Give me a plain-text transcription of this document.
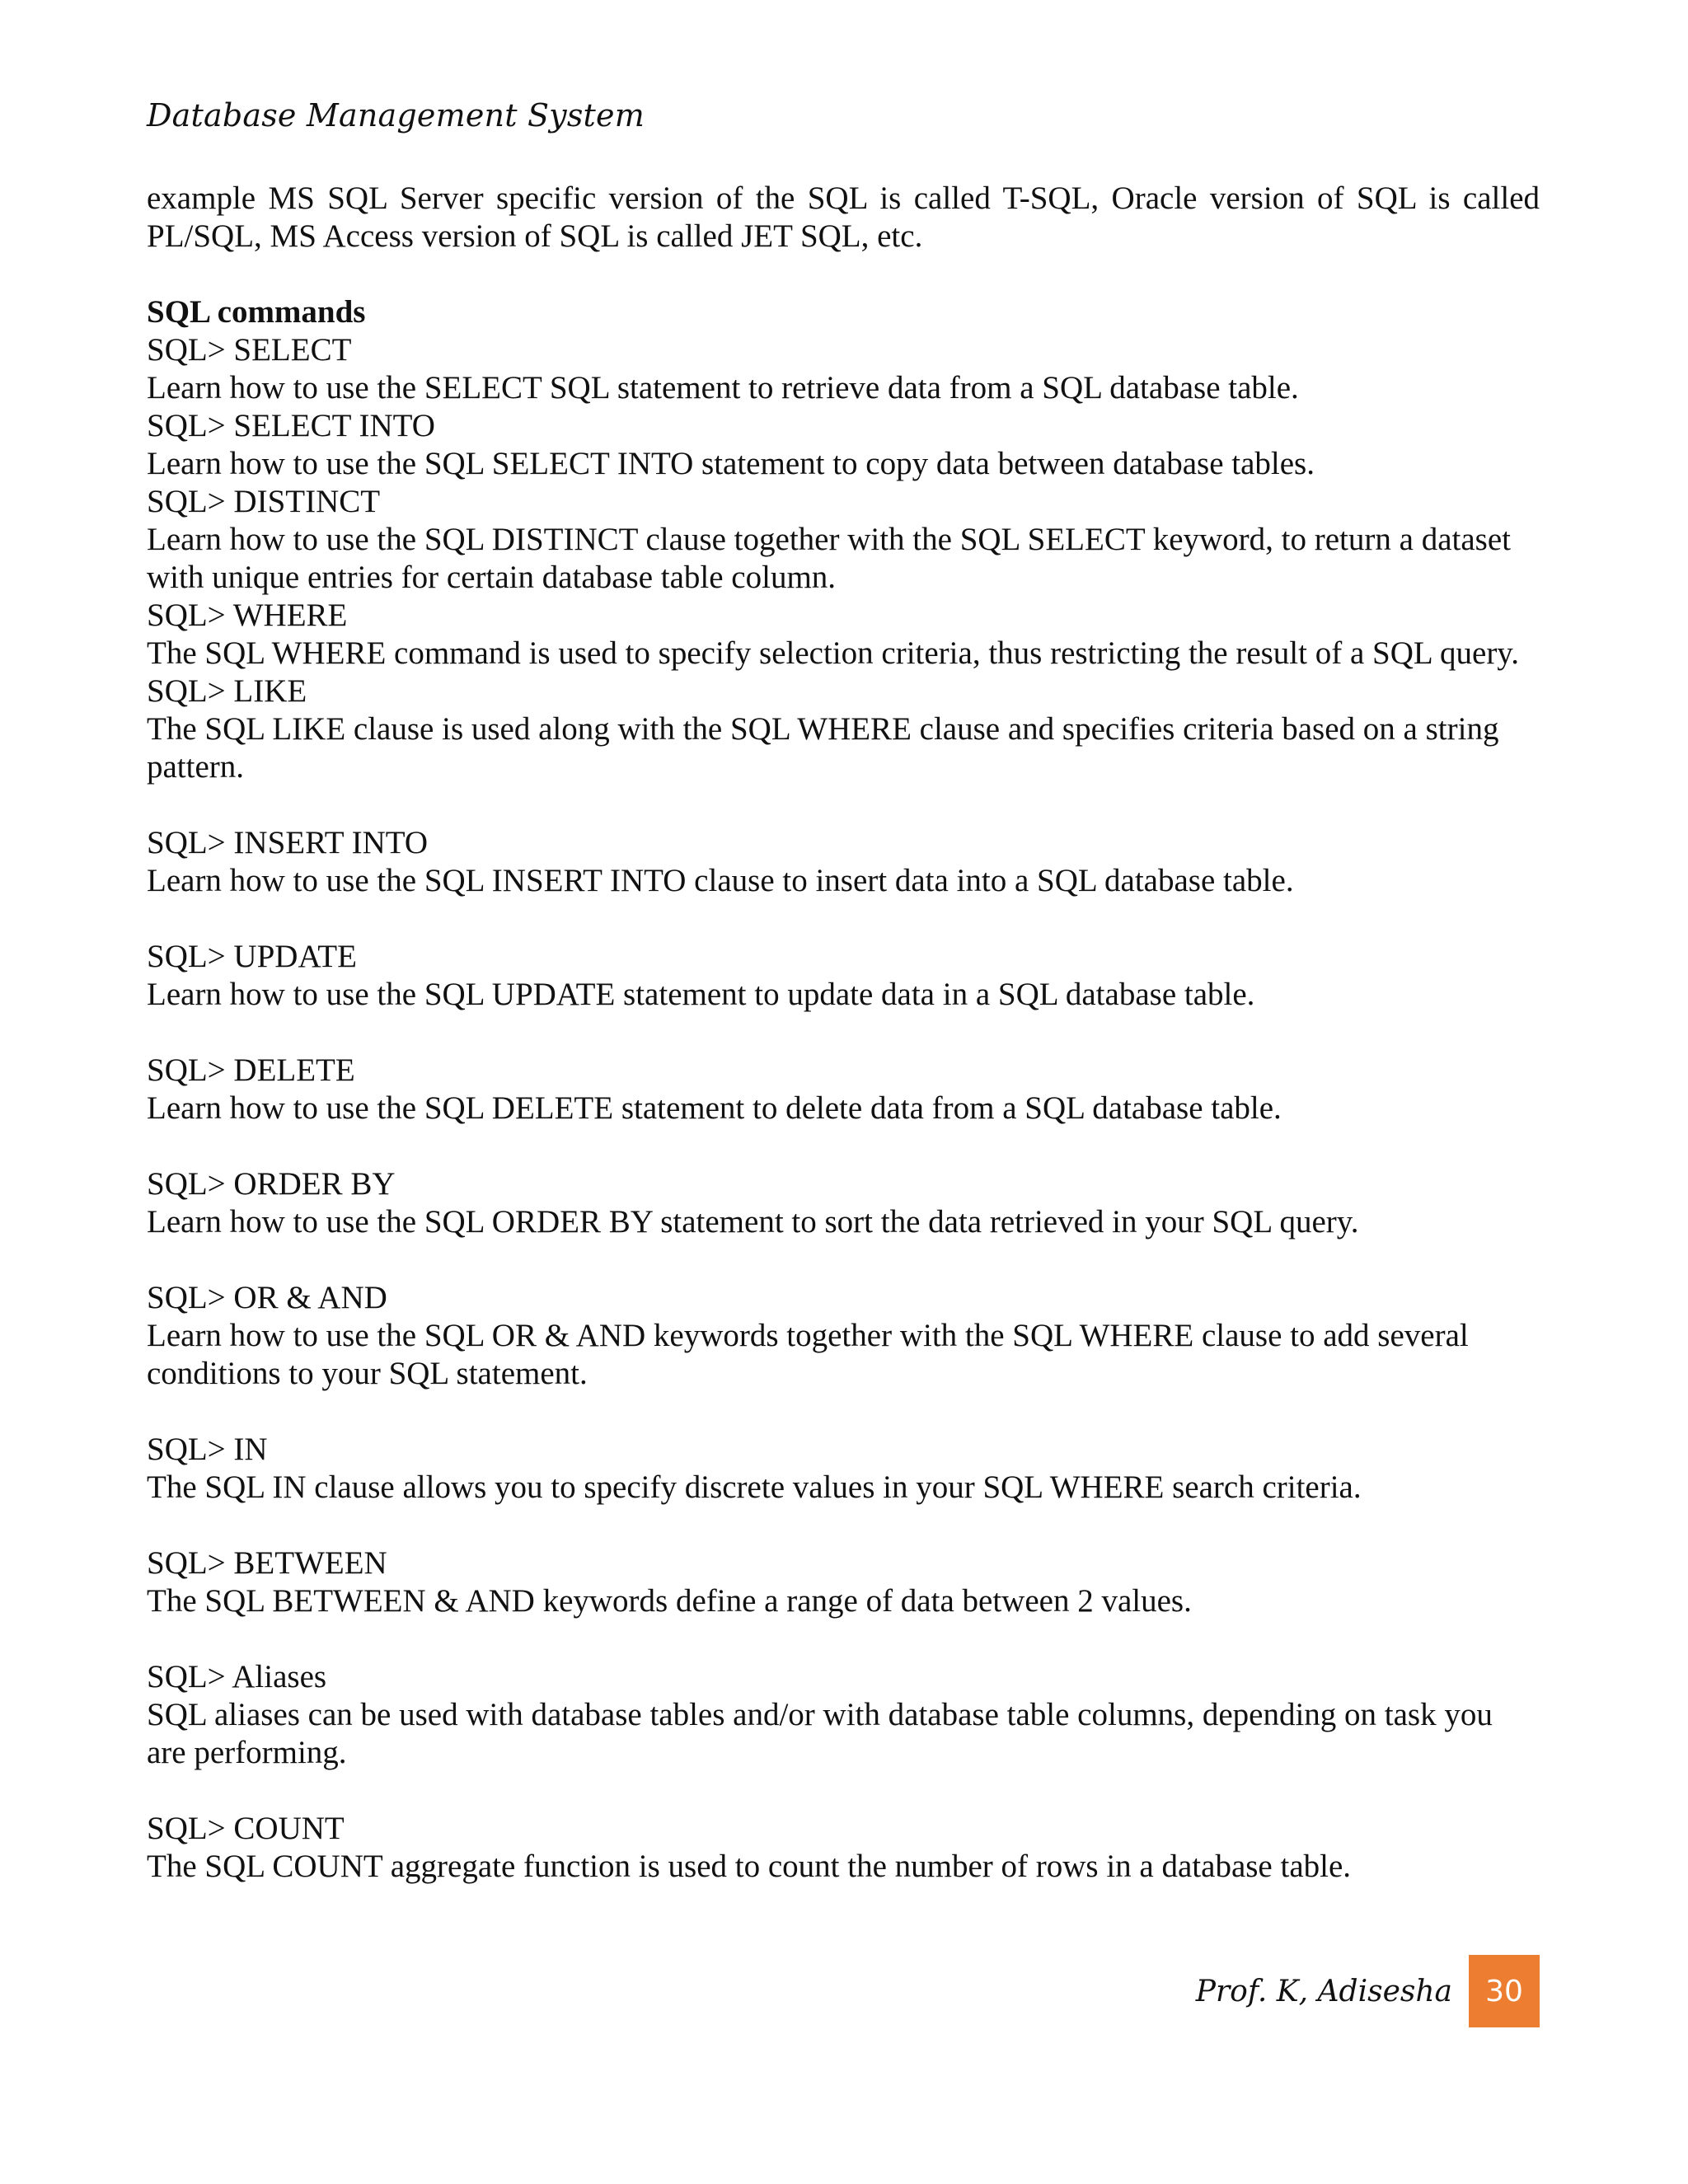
Database Management System

example MS SQL Server specific version of the SQL is called T-SQL, Oracle version of SQL is called PL/SQL, MS Access version of SQL is called JET SQL, etc.

SQL commands

SQL> SELECT

Learn how to use the SELECT SQL statement to retrieve data from a SQL database table.

SQL> SELECT INTO

Learn how to use the SQL SELECT INTO statement to copy data between database tables.

SQL> DISTINCT

Learn how to use the SQL DISTINCT clause together with the SQL SELECT keyword, to return a dataset with unique entries for certain database table column.

SQL> WHERE

The SQL WHERE command is used to specify selection criteria, thus restricting the result of a SQL query.

SQL> LIKE

The SQL LIKE clause is used along with the SQL WHERE clause and specifies criteria based on a string pattern.

SQL> INSERT INTO

Learn how to use the SQL INSERT INTO clause to insert data into a SQL database table.

SQL> UPDATE

Learn how to use the SQL UPDATE statement to update data in a SQL database table.

SQL> DELETE

Learn how to use the SQL DELETE statement to delete data from a SQL database table.

SQL> ORDER BY

Learn how to use the SQL ORDER BY statement to sort the data retrieved in your SQL query.

SQL> OR & AND

Learn how to use the SQL OR & AND keywords together with the SQL WHERE clause to add several conditions to your SQL statement.

SQL> IN

The SQL IN clause allows you to specify discrete values in your SQL WHERE search criteria.

SQL> BETWEEN

The SQL BETWEEN & AND keywords define a range of data between 2 values.

SQL> Aliases

SQL aliases can be used with database tables and/or with database table columns, depending on task you are performing.

SQL> COUNT

The SQL COUNT aggregate function is used to count the number of rows in a database table.

Prof. K, Adisesha	30
